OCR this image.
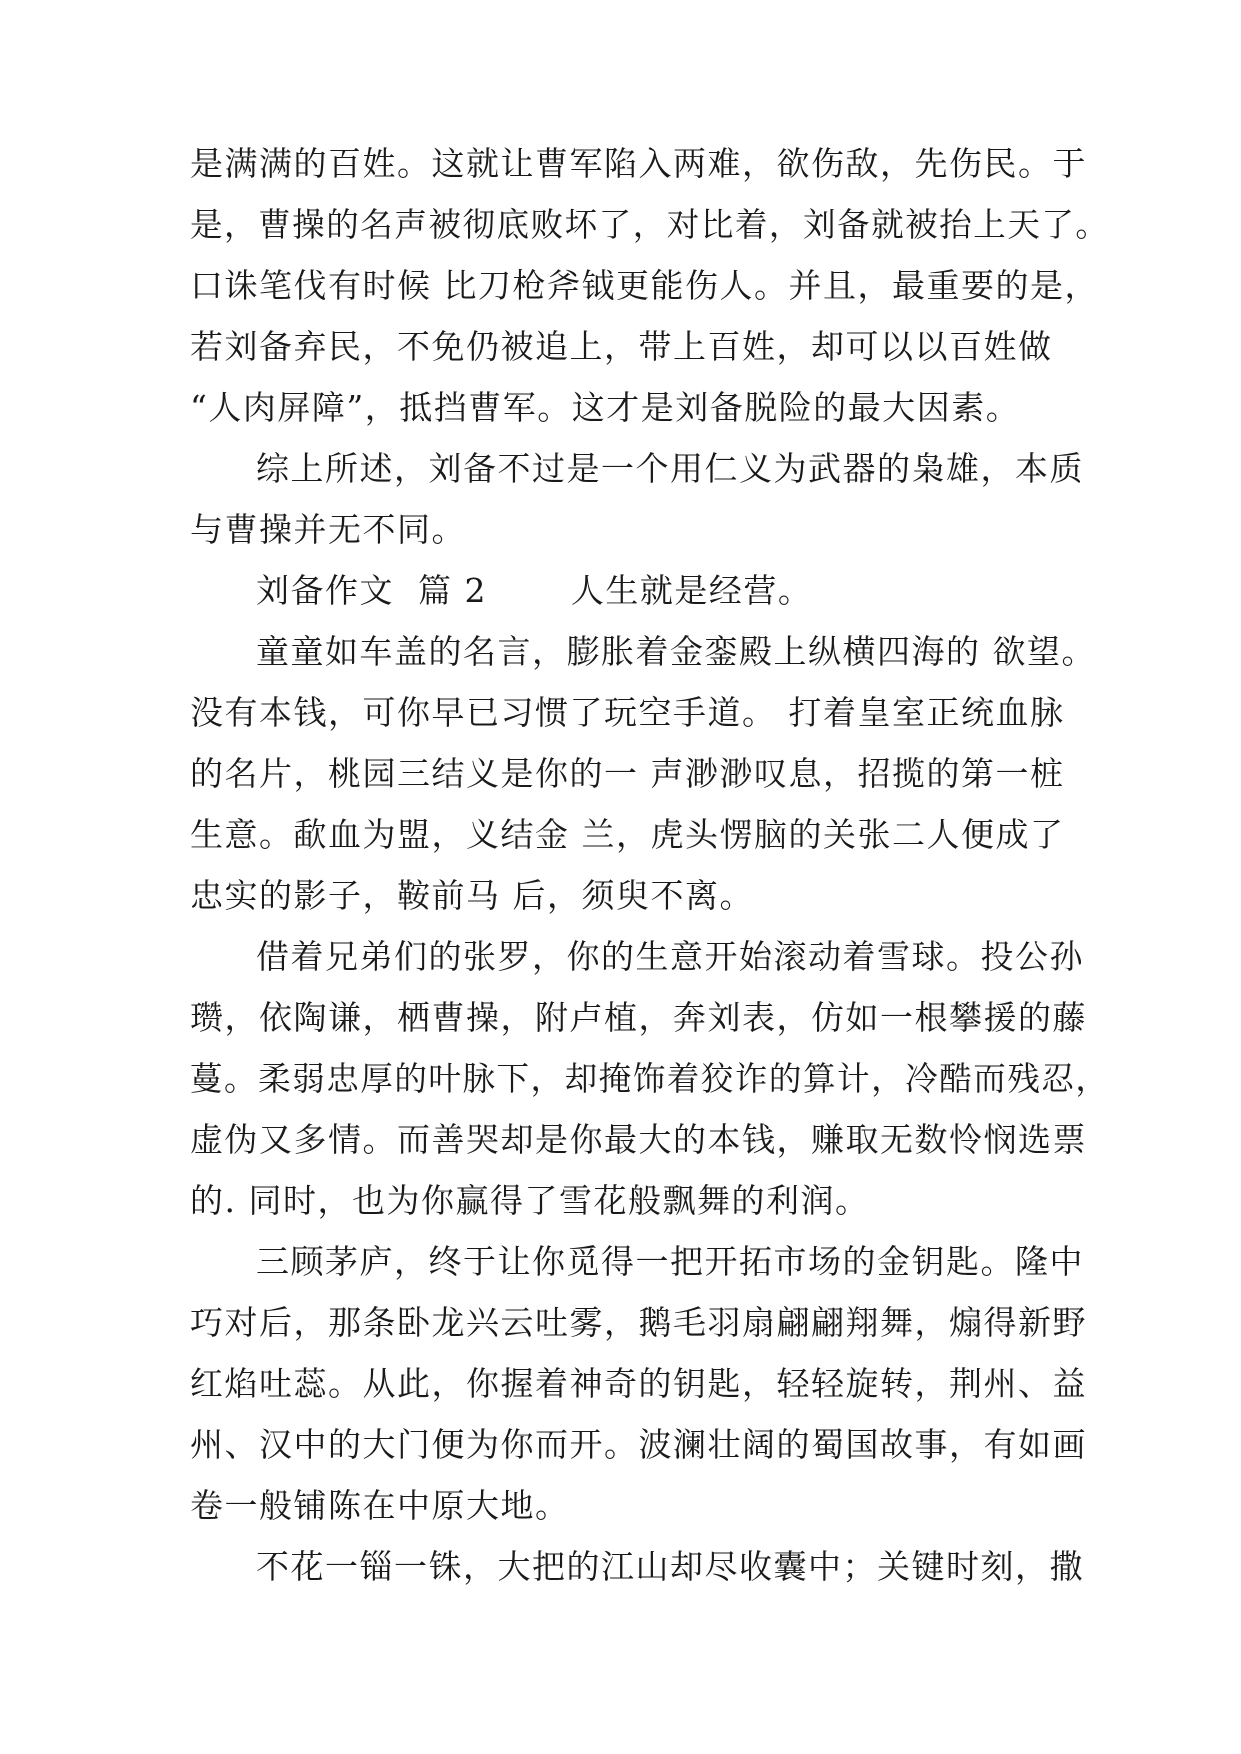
是满满的百姓。这就让曹军陷入两难，欲伤敌，先伤民。于

是，曹操的名声被彻底败坏了，对比着，刘备就被抬上天了。

口诛笔伐有时候 比刀枪斧钺更能伤人。并且，最重要的是，

若刘备弃民，不免仍被追上，带上百姓，却可以以百姓做

“人肉屏障”，抵挡曹军。这才是刘备脱险的最大因素。

综上所述，刘备不过是一个用仁义为武器的枭雄，本质

与曹操并无不同。

刘备作文  篇 2       人生就是经营。

童童如车盖的名言，膨胀着金銮殿上纵横四海的 欲望。

没有本钱，可你早已习惯了玩空手道。 打着皇室正统血脉

的名片，桃园三结义是你的一 声渺渺叹息，招揽的第一桩

生意。歃血为盟，义结金 兰，虎头愣脑的关张二人便成了

忠实的影子，鞍前马 后，须臾不离。

借着兄弟们的张罗，你的生意开始滚动着雪球。投公孙

瓒，依陶谦，栖曹操，附卢植，奔刘表，仿如一根攀援的藤

蔓。柔弱忠厚的叶脉下，却掩饰着狡诈的算计，冷酷而残忍，

虚伪又多情。而善哭却是你最大的本钱，赚取无数怜悯选票

的. 同时，也为你赢得了雪花般飘舞的利润。

三顾茅庐，终于让你觅得一把开拓市场的金钥匙。隆中

巧对后，那条卧龙兴云吐雾，鹅毛羽扇翩翩翔舞，煽得新野

红焰吐蕊。从此，你握着神奇的钥匙，轻轻旋转，荆州、益

州、汉中的大门便为你而开。波澜壮阔的蜀国故事，有如画

卷一般铺陈在中原大地。

不花一锱一铢，大把的江山却尽收囊中；关键时刻，撒
